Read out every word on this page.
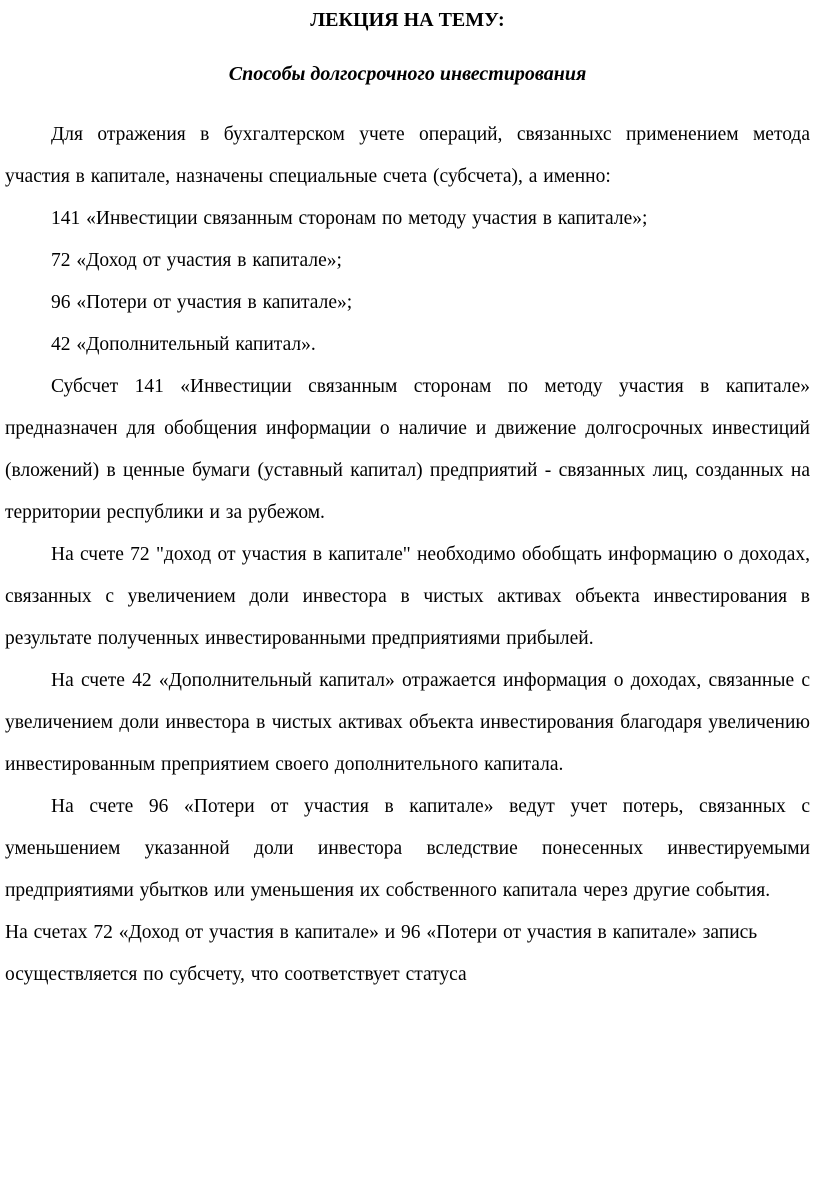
ЛЕКЦИЯ НА ТЕМУ:
Способы долгосрочного инвестирования

Для отражения в бухгалтерском учете операций, связанныхс применением метода участия в капитале, назначены специальные счета (субсчета), а именно:

141 «Инвестиции связанным сторонам по методу участия в капитале»;

72 «Доход от участия в капитале»;

96 «Потери от участия в капитале»;

42 «Дополнительный капитал».

Субсчет 141 «Инвестиции связанным сторонам по методу участия в капитале» предназначен для обобщения информации о наличие и движение долгосрочных инвестиций (вложений) в ценные бумаги (уставный капитал) предприятий - связанных лиц, созданных на территории республики и за рубежом.

На счете 72 "доход от участия в капитале" необходимо обобщать информацию о доходах, связанных с увеличением доли инвестора в чистых активах объекта инвестирования в результате полученных инвестированными предприятиями прибылей.

На счете 42 «Дополнительный капитал» отражается информация о доходах, связанные с увеличением доли инвестора в чистых активах объекта инвестирования благодаря увеличению инвестированным преприятием своего дополнительного капитала.

На счете 96 «Потери от участия в капитале» ведут учет потерь, связанных с уменьшением указанной доли инвестора вследствие понесенных инвестируемыми предприятиями убытков или уменьшения их собственного капитала через другие события.

На счетах 72 «Доход от участия в капитале» и 96 «Потери от участия в капитале» запись осуществляется по субсчету, что соответствует статуса
